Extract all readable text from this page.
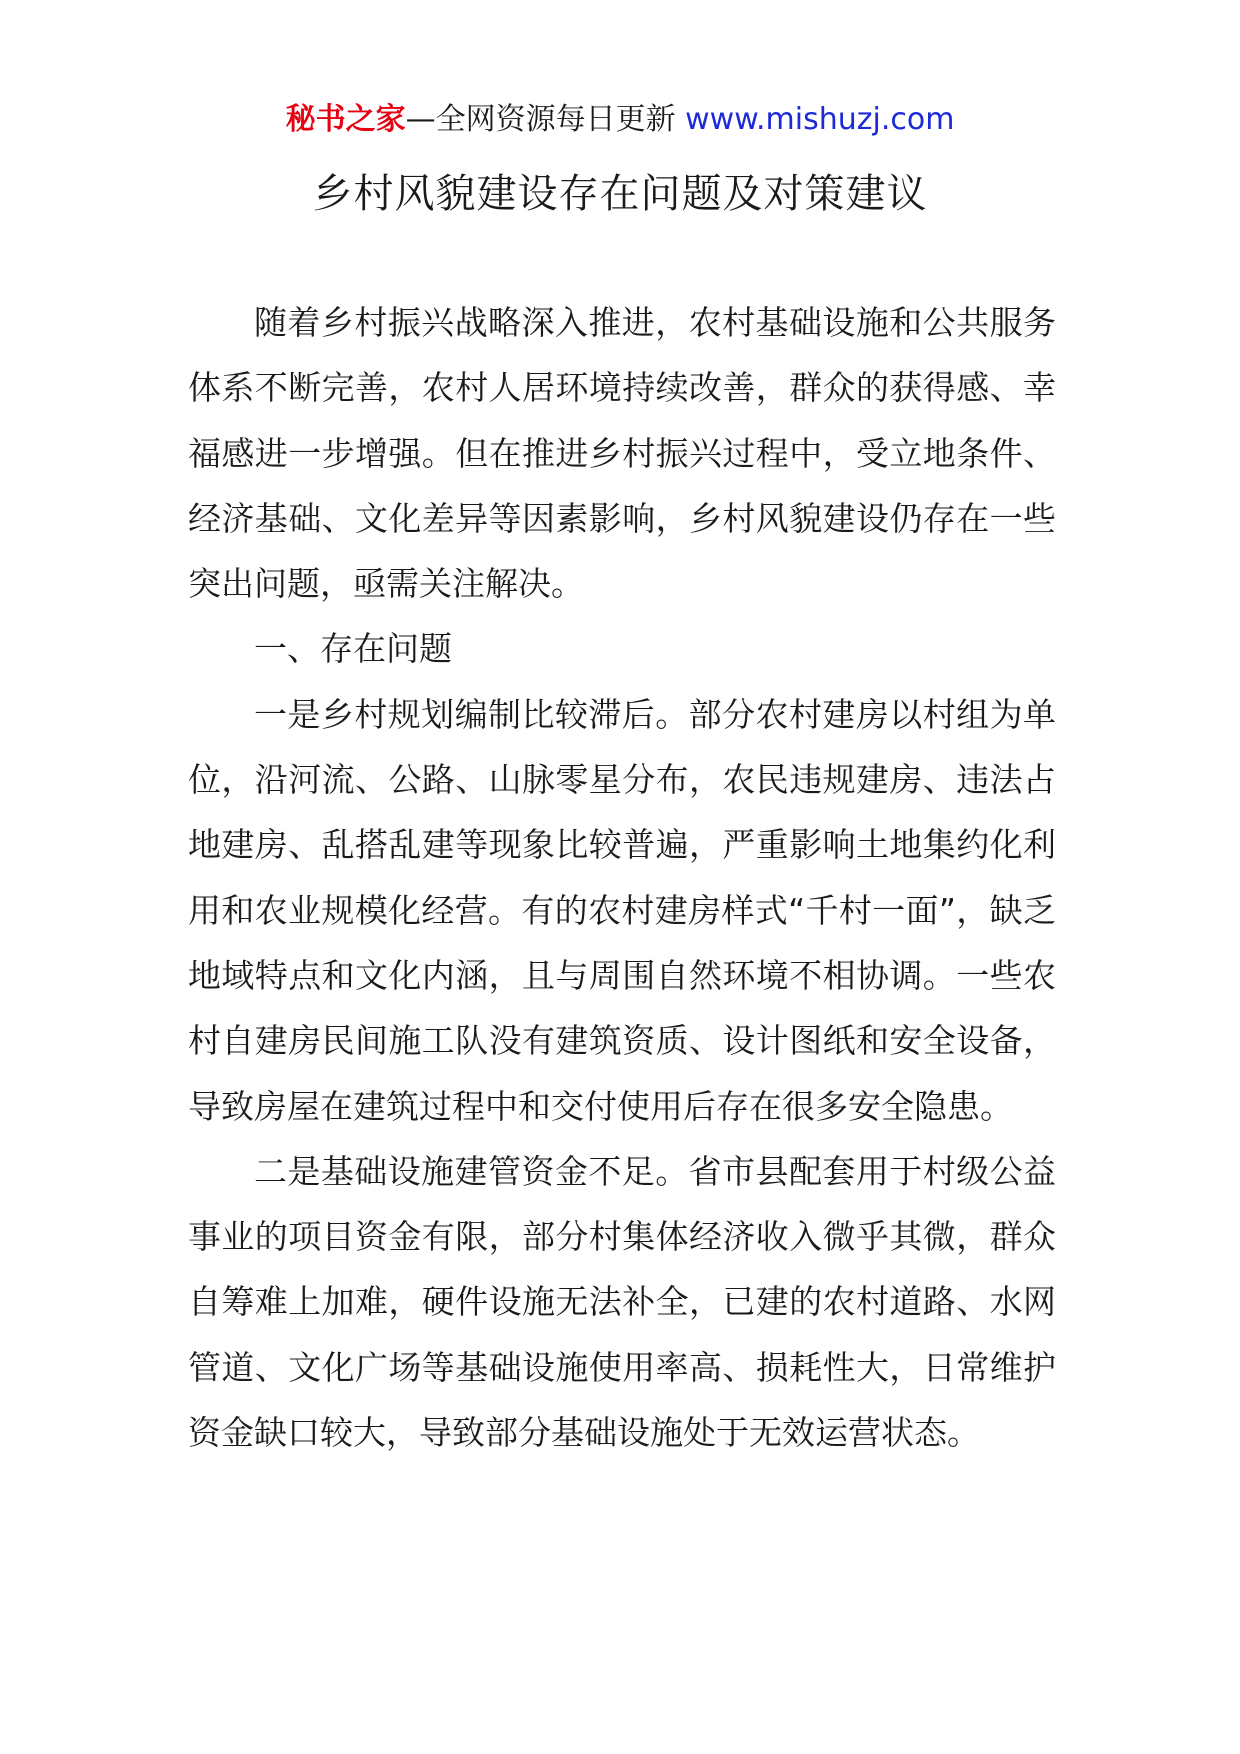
秘书之家—全网资源每日更新 www.mishuzj.com
乡村风貌建设存在问题及对策建议

随着乡村振兴战略深入推进，农村基础设施和公共服务体系不断完善，农村人居环境持续改善，群众的获得感、幸福感进一步增强。但在推进乡村振兴过程中，受立地条件、经济基础、文化差异等因素影响，乡村风貌建设仍存在一些突出问题，亟需关注解决。

一、存在问题

一是乡村规划编制比较滞后。部分农村建房以村组为单位，沿河流、公路、山脉零星分布，农民违规建房、违法占地建房、乱搭乱建等现象比较普遍，严重影响土地集约化利用和农业规模化经营。有的农村建房样式“千村一面”，缺乏地域特点和文化内涵，且与周围自然环境不相协调。一些农村自建房民间施工队没有建筑资质、设计图纸和安全设备，导致房屋在建筑过程中和交付使用后存在很多安全隐患。

二是基础设施建管资金不足。省市县配套用于村级公益事业的项目资金有限，部分村集体经济收入微乎其微，群众自筹难上加难，硬件设施无法补全，已建的农村道路、水网管道、文化广场等基础设施使用率高、损耗性大，日常维护资金缺口较大，导致部分基础设施处于无效运营状态。
